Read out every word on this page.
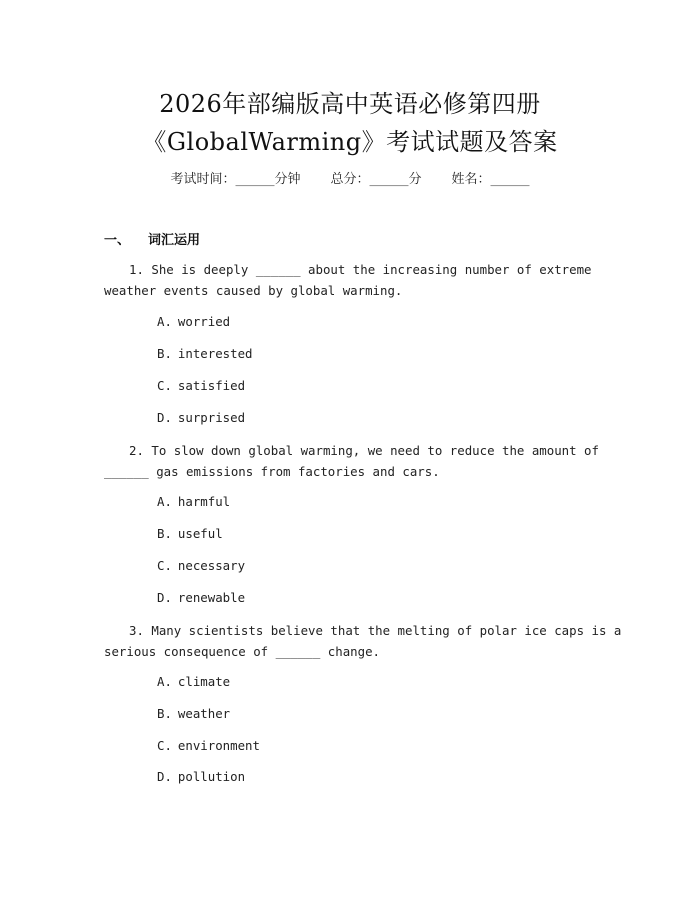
2026年部编版高中英语必修第四册
《GlobalWarming》考试试题及答案
考试时间：______分钟 总分：______分 姓名：______
一、 词汇运用
1. She is deeply ______ about the increasing number of extreme
weather events caused by global warming.
A. worried
B. interested
C. satisfied
D. surprised
2. To slow down global warming, we need to reduce the amount of
______ gas emissions from factories and cars.
A. harmful
B. useful
C. necessary
D. renewable
3. Many scientists believe that the melting of polar ice caps is a
serious consequence of ______ change.
A. climate
B. weather
C. environment
D. pollution
